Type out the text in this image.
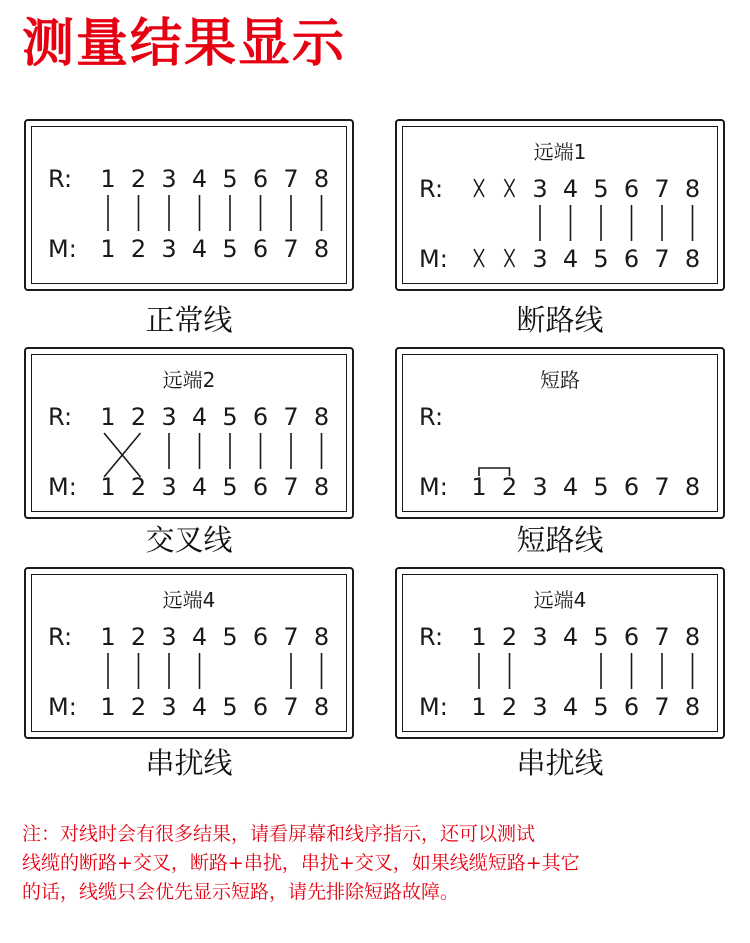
测量结果显示
R:
M:
1 2 3 4 5 6 7 8
1 2 3 4 5 6 7 8
正常线
远端1
R:
M:
3 4 5 6 7 8
3 4 5 6 7 8
断路线
远端2
R:
M:
1 2 3 4 5 6 7 8
1 2 3 4 5 6 7 8
交叉线
短路
R:
M: 1 2 3 4 5 6 7 8
短路线
远端4
R:
M:
1 2 3 4 5 6 7 8
1 2 3 4 5 6 7 8
串扰线
远端4
R:
M:
1 2 3 4 5 6 7 8
1 2 3 4 5 6 7 8
串扰线
注：对线时会有很多结果，请看屏幕和线序指示，还可以测试
线缆的断路+交叉，断路+串扰，串扰+交叉，如果线缆短路+其它
的话，线缆只会优先显示短路，请先排除短路故障。
